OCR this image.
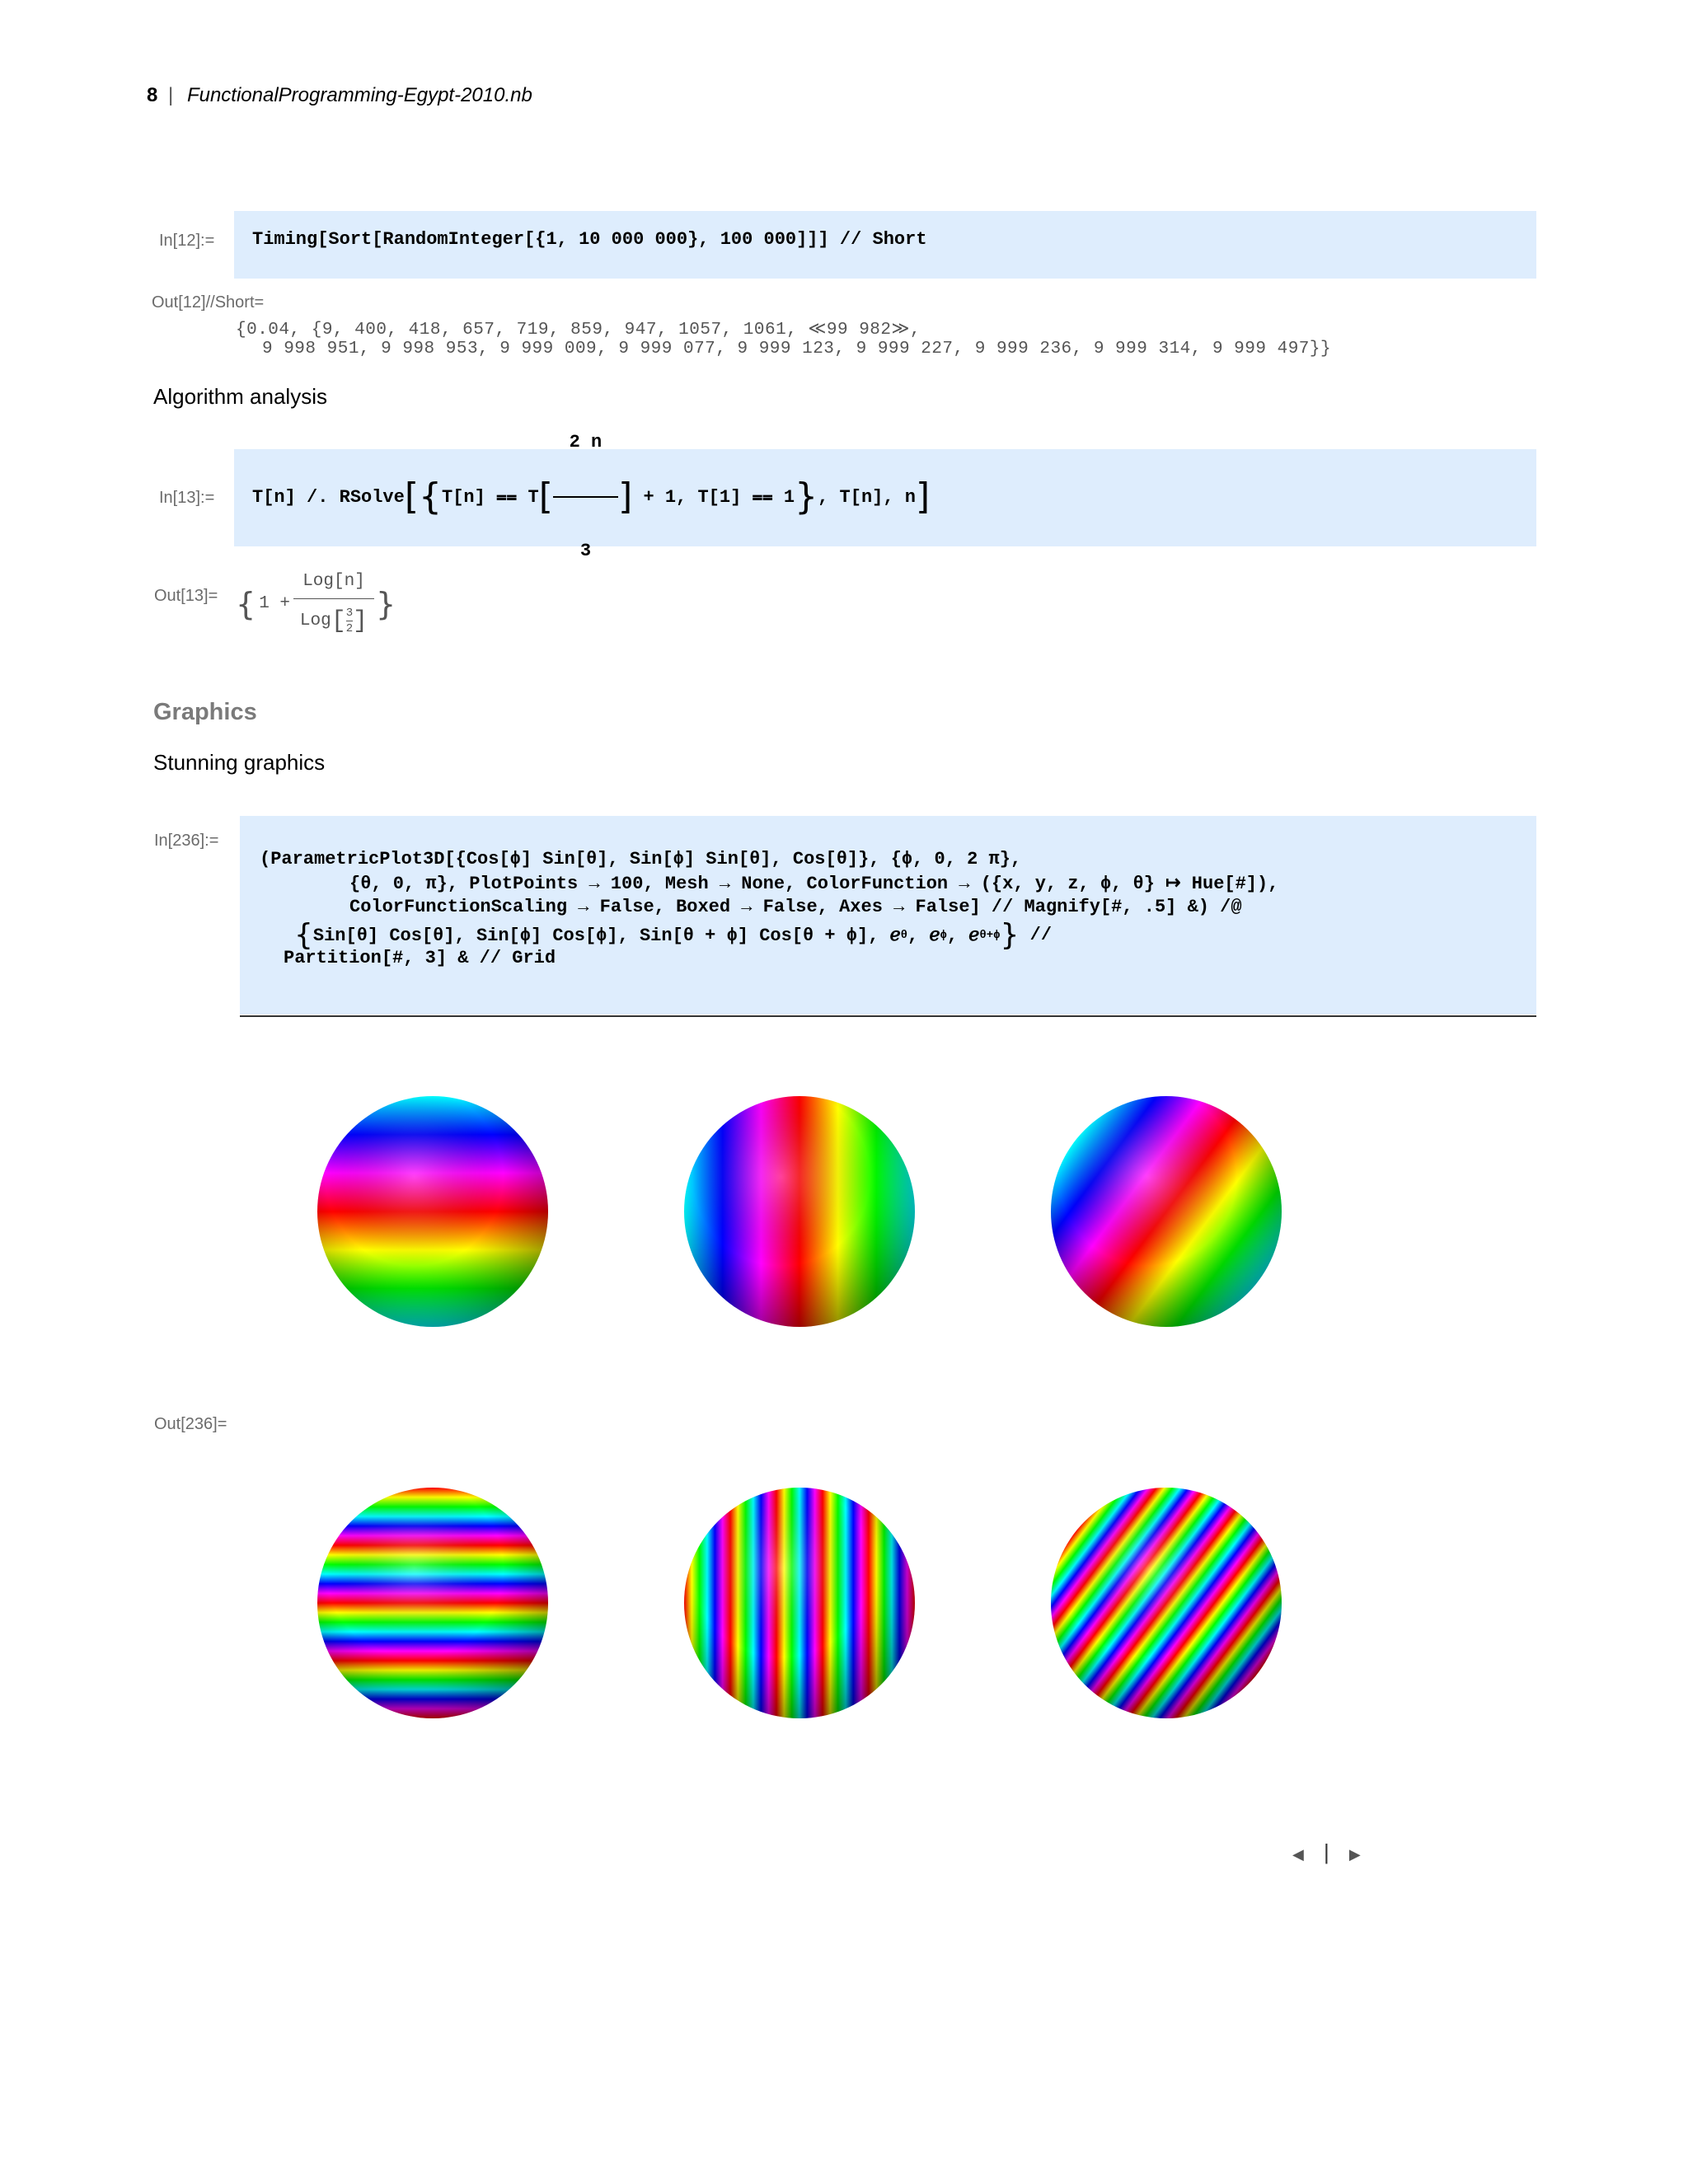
8 | FunctionalProgramming-Egypt-2010.nb
In[12]:= Timing[Sort[RandomInteger[{1, 10 000 000}, 100 000]]] // Short
Out[12]//Short=
{0.04, {9, 400, 418, 657, 719, 859, 947, 1057, 1061, ≪99 982≫,
9 998 951, 9 998 953, 9 999 009, 9 999 077, 9 999 123, 9 999 227, 9 999 236, 9 999 314, 9 999 497}}
Algorithm analysis
In[13]:= T[n] /. RSolve [ { T[n] ⩵ T [

$\frac{2 n}{3}$

] + 1, T[1] ⩵ 1 } , T[n], n ]
Out[13]= { 1 +
Log[n]
Log [ $\frac{3}{2}$ ] }
Graphics
Stunning graphics
In[236]:=
(ParametricPlot3D[{Cos[ϕ] Sin[θ], Sin[ϕ] Sin[θ], Cos[θ]}, {ϕ, 0, 2 π},
{θ, 0, π}, PlotPoints → 100, Mesh → None, ColorFunction → ({x, y, z, ϕ, θ} ↦ Hue[#]),
ColorFunctionScaling → False, Boxed → False, Axes → False] // Magnify[#, .5] &) /@
{ Sin[θ] Cos[θ], Sin[ϕ] Cos[ϕ], Sin[θ + ϕ] Cos[θ + ϕ], ℯ θ , ℯ ϕ , ℯ θ+ϕ } //
Partition[#, 3] & // Grid
Out[236]=
◀ | ▶
